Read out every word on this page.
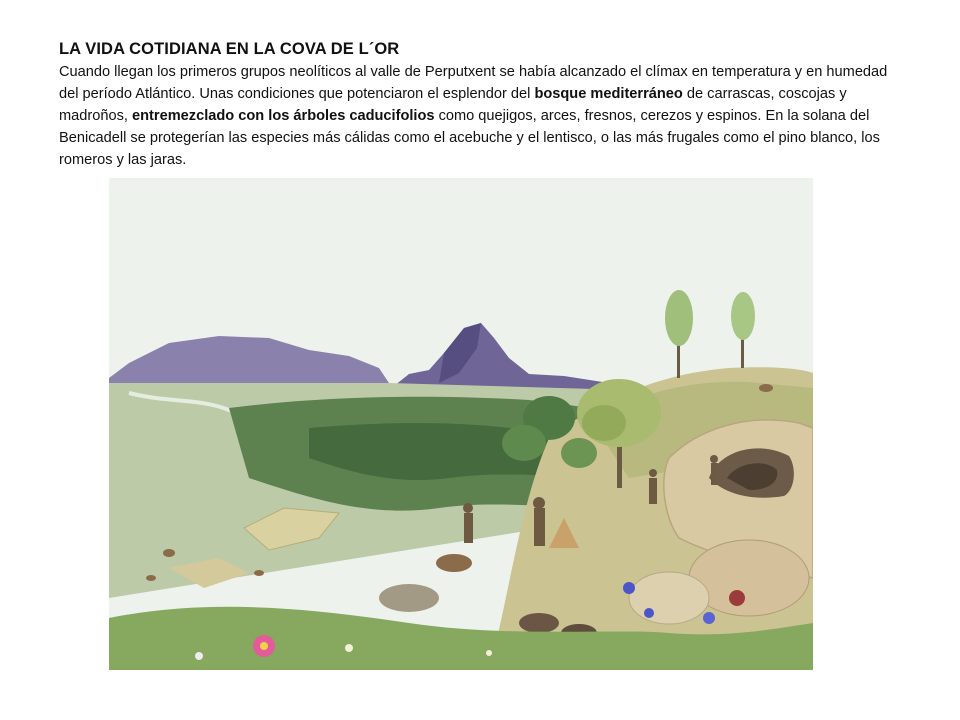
LA VIDA COTIDIANA EN LA COVA DE L´OR
Cuando llegan los primeros grupos neolíticos al valle de Perputxent se había alcanzado el clímax en temperatura y en humedad del período Atlántico. Unas condiciones que potenciaron el esplendor del bosque mediterráneo de carrascas, coscojas y madroños, entremezclado con los árboles caducifolios como quejigos, arces, fresnos, cerezos y espinos. En la solana del Benicadell se protegerían las especies más cálidas como el acebuche y el lentisco, o las más frugales como el pino blanco, los romeros y las jaras.
